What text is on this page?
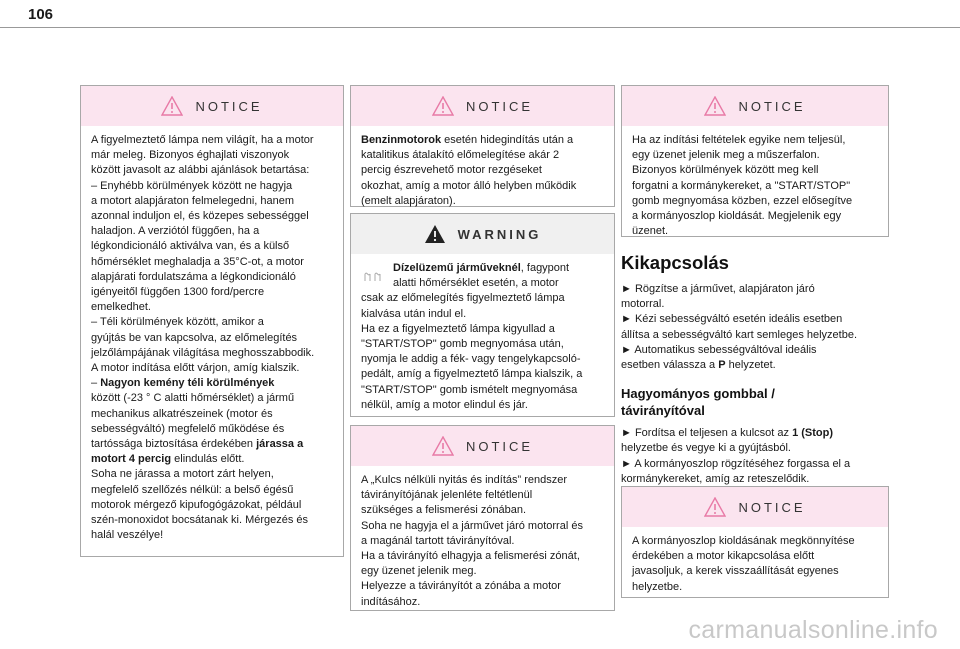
106
NOTICE

A figyelmeztető lámpa nem világít, ha a motor

már meleg. Bizonyos éghajlati viszonyok

között javasolt az alábbi ajánlások betartása:

– Enyhébb körülmények között ne hagyja

a motort alapjáraton felmelegedni, hanem

azonnal induljon el, és közepes sebességgel

haladjon. A verziótól függően, ha a

légkondicionáló aktiválva van, és a külső

hőmérséklet meghaladja a 35°C-ot, a motor

alapjárati fordulatszáma a légkondicionáló

igényeitől függően 1300 ford/percre

emelkedhet.

– Téli körülmények között, amikor a

gyújtás be van kapcsolva, az előmelegítés

jelzőlámpájának világítása meghosszabbodik.

A motor indítása előtt várjon, amíg kialszik.

– Nagyon kemény téli körülmények

között (-23 ° C alatti hőmérséklet) a jármű

mechanikus alkatrészeinek (motor és

sebességváltó) megfelelő működése és

tartóssága biztosítása érdekében járassa a

motort 4 percig elindulás előtt.

Soha ne járassa a motort zárt helyen,

megfelelő szellőzés nélkül: a belső égésű

motorok mérgező kipufogógázokat, például

szén-monoxidot bocsátanak ki. Mérgezés és

halál veszélye!

NOTICE

Benzinmotorok esetén hidegindítás után a

katalitikus átalakító előmelegítése akár 2

percig észrevehető motor rezgéseket

okozhat, amíg a motor álló helyben működik

(emelt alapjáraton).

WARNING

Dízelüzemű járműveknél, fagypont

alatti hőmérséklet esetén, a motor

csak az előmelegítés figyelmeztető lámpa

kialvása után indul el.

Ha ez a figyelmeztető lámpa kigyullad a

"START/STOP" gomb megnyomása után,

nyomja le addig a fék- vagy tengelykapcsoló-

pedált, amíg a figyelmeztető lámpa kialszik, a

"START/STOP" gomb ismételt megnyomása

nélkül, amíg a motor elindul és jár.

NOTICE

A „Kulcs nélküli nyitás és indítás” rendszer

távirányítójának jelenléte feltétlenül

szükséges a felismerési zónában.

Soha ne hagyja el a járművet járó motorral és

a magánál tartott távirányítóval.

Ha a távirányító elhagyja a felismerési zónát,

egy üzenet jelenik meg.

Helyezze a távirányítót a zónába a motor

indításához.

NOTICE

Ha az indítási feltételek egyike nem teljesül,

egy üzenet jelenik meg a műszerfalon.

Bizonyos körülmények között meg kell

forgatni a kormánykereket, a "START/STOP"

gomb megnyomása közben, ezzel elősegítve

a kormányoszlop kioldását. Megjelenik egy

üzenet.

Kikapcsolás

► Rögzítse a járművet, alapjáraton járó

motorral.

► Kézi sebességváltó esetén ideális esetben

állítsa a sebességváltó kart semleges helyzetbe.

► Automatikus sebességváltóval ideális

esetben válassza a P helyzetet.

Hagyományos gombbal /
távirányítóval

► Fordítsa el teljesen a kulcsot az 1 (Stop)

helyzetbe és vegye ki a gyújtásból.

► A kormányoszlop rögzítéséhez forgassa el a

kormánykereket, amíg az reteszelődik.

NOTICE

A kormányoszlop kioldásának megkönnyítése

érdekében a motor kikapcsolása előtt

javasoljuk, a kerek visszaállítását egyenes

helyzetbe.

carmanualsonline.info
